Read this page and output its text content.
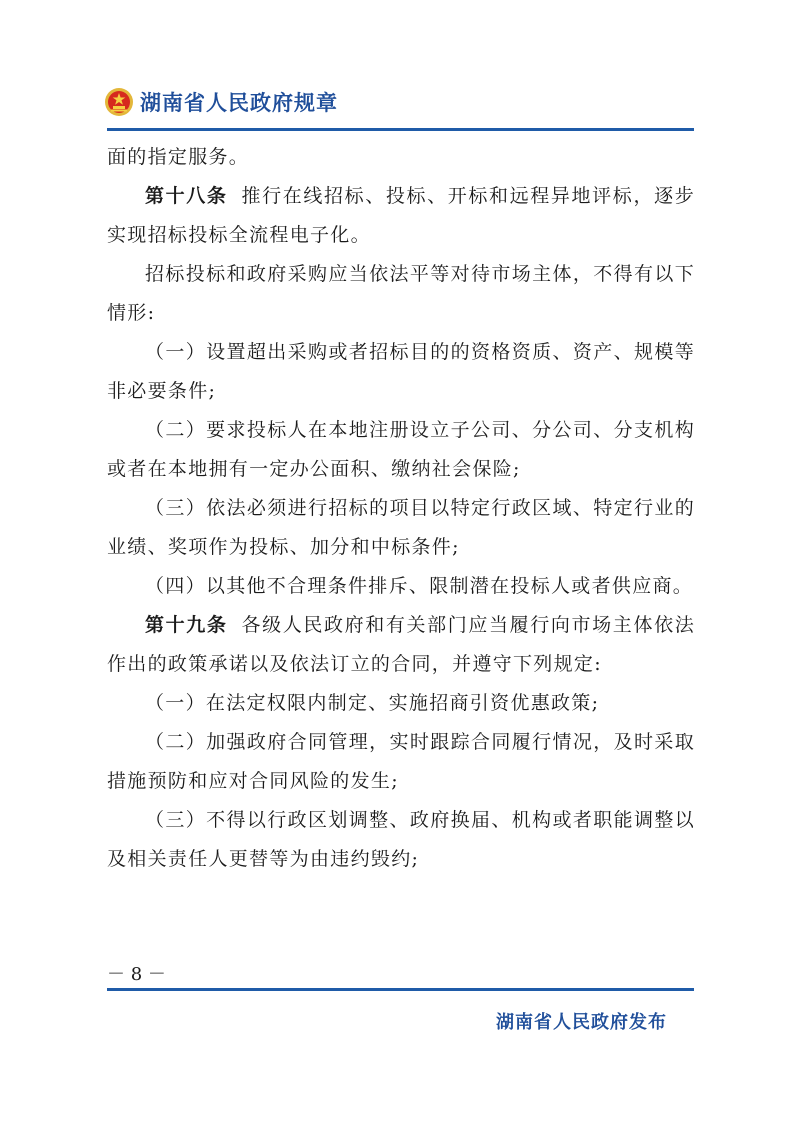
湖南省人民政府规章

面的指定服务。

第十八条 推行在线招标、投标、开标和远程异地评标，逐步实现招标投标全流程电子化。

招标投标和政府采购应当依法平等对待市场主体，不得有以下情形:

（一）设置超出采购或者招标目的的资格资质、资产、规模等非必要条件;

（二）要求投标人在本地注册设立子公司、分公司、分支机构或者在本地拥有一定办公面积、缴纳社会保险;

（三）依法必须进行招标的项目以特定行政区域、特定行业的业绩、奖项作为投标、加分和中标条件;

（四）以其他不合理条件排斥、限制潜在投标人或者供应商。

第十九条 各级人民政府和有关部门应当履行向市场主体依法作出的政策承诺以及依法订立的合同，并遵守下列规定:

（一）在法定权限内制定、实施招商引资优惠政策;

（二）加强政府合同管理，实时跟踪合同履行情况，及时采取措施预防和应对合同风险的发生;

（三）不得以行政区划调整、政府换届、机构或者职能调整以及相关责任人更替等为由违约毁约;

－ 8 －
湖南省人民政府发布
